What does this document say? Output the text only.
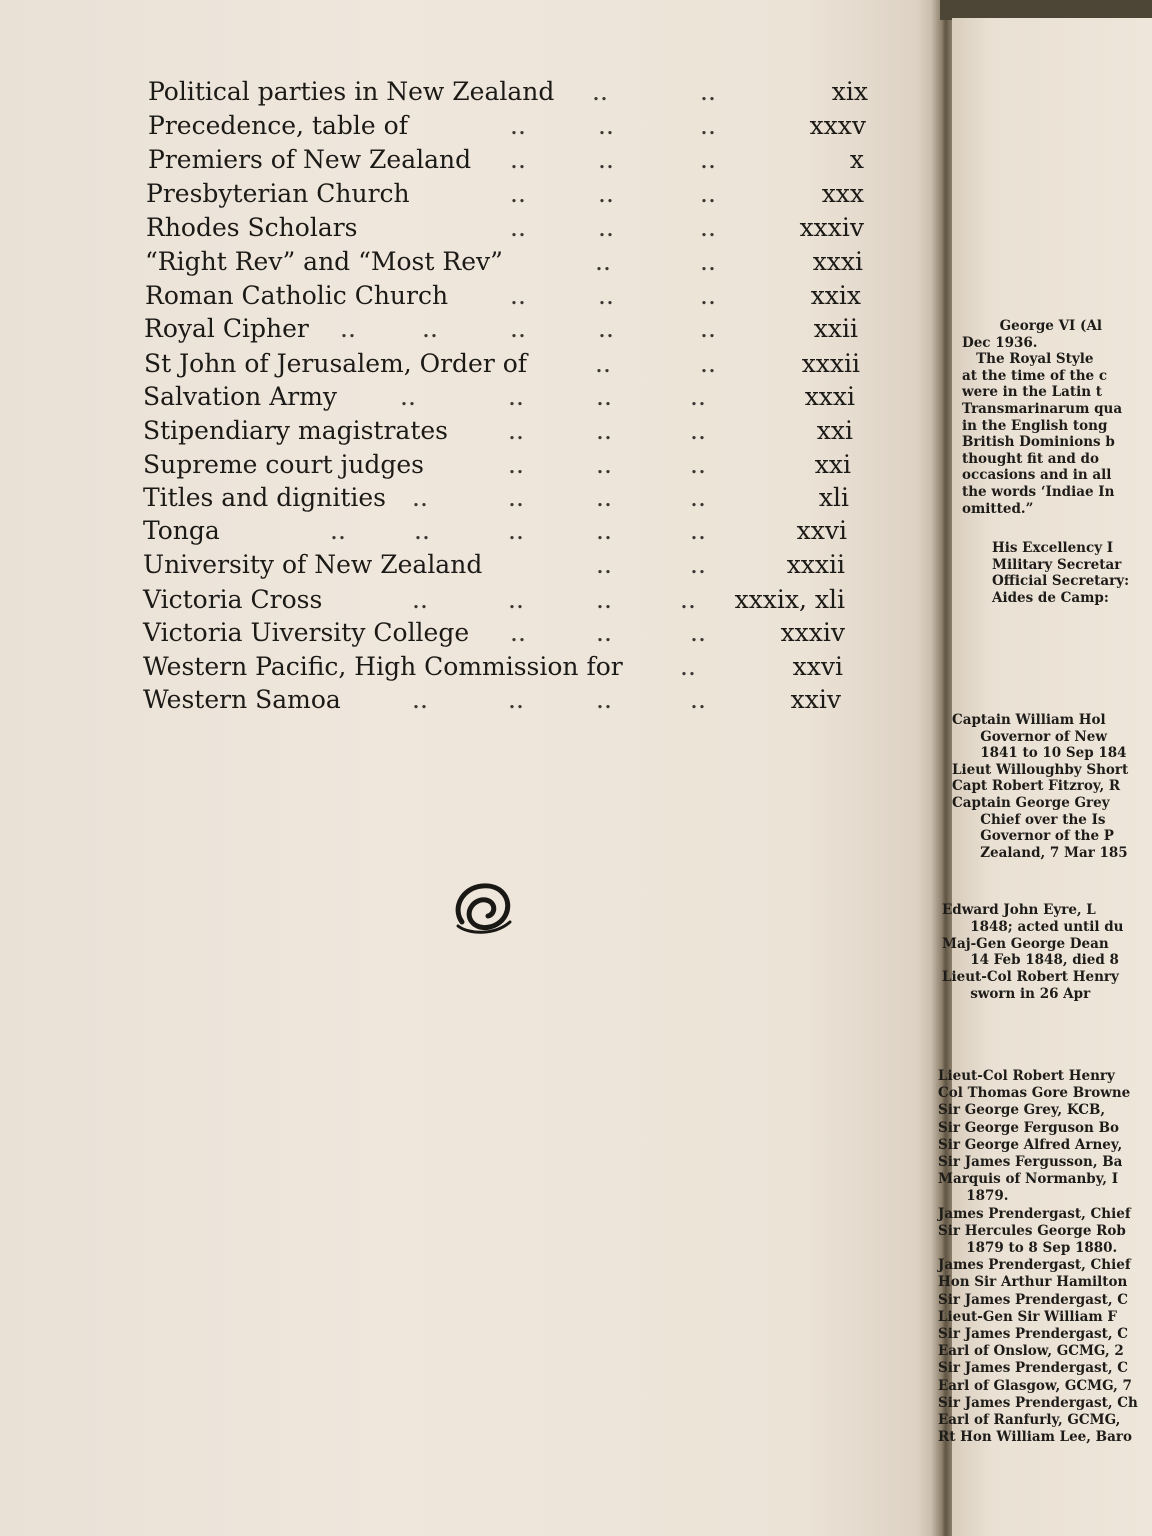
Political parties in New Zealand ..	..	xix
Precedence, table of	..	..	..	xxxv
Premiers of New Zealand ..	..	..	x
Presbyterian Church	..	..	..	xxx
Rhodes Scholars	..	..	..	xxxiv
“Right Rev” and “Most Rev”	..	..	xxxi
Roman Catholic Church ..	..	..	xxix
Royal Cipher ..	..	..	..	..	xxii
St John of Jerusalem, Order of	..	..	xxxii
Salvation Army	..	..	..	..	xxxi
Stipendiary magistrates ..	..	..	xxi
Supreme court judges	..	..	..	xxi
Titles and dignities ..	..	..	..	xli
Tonga	..	..	..	..	..	xxvi
University of New Zealand	..	..	xxxii
Victoria Cross	..	..	..	.. xxxix, xli
Victoria Uiversity College ..	..	..	xxxiv
Western Pacific, High Commission for ..	xxvi
Western Samoa	..	..	..	..	xxiv
George VI (Al
Dec 1936.
The Royal Style
at the time of the c
were in the Latin t
Transmarinarum qua
in the English tong
British Dominions b
thought fit and do
occasions and in all
the words ‘Indiae In
omitted.”
His Excellency I
Military Secretar
Official Secretary:
Aides de Camp:
Captain William Hol
Governor of New
1841 to 10 Sep 184
Lieut Willoughby Short
Capt Robert Fitzroy, R
Captain George Grey
Chief over the Is
Governor of the P
Zealand, 7 Mar 185
Edward John Eyre, L
1848; acted until du
Maj-Gen George Dean
14 Feb 1848, died 8
Lieut-Col Robert Henry
sworn in 26 Apr
Lieut-Col Robert Henry
Col Thomas Gore Browne
Sir George Grey, KCB,
Sir George Ferguson Bo
Sir George Alfred Arney,
Sir James Fergusson, Ba
Marquis of Normanby, I
1879.
James Prendergast, Chief
Sir Hercules George Rob
1879 to 8 Sep 1880.
James Prendergast, Chief
Hon Sir Arthur Hamilton
Sir James Prendergast, C
Lieut-Gen Sir William F
Sir James Prendergast, C
Earl of Onslow, GCMG, 2
Sir James Prendergast, C
Earl of Glasgow, GCMG, 7
Sir James Prendergast, Ch
Earl of Ranfurly, GCMG,
Rt Hon William Lee, Baro
